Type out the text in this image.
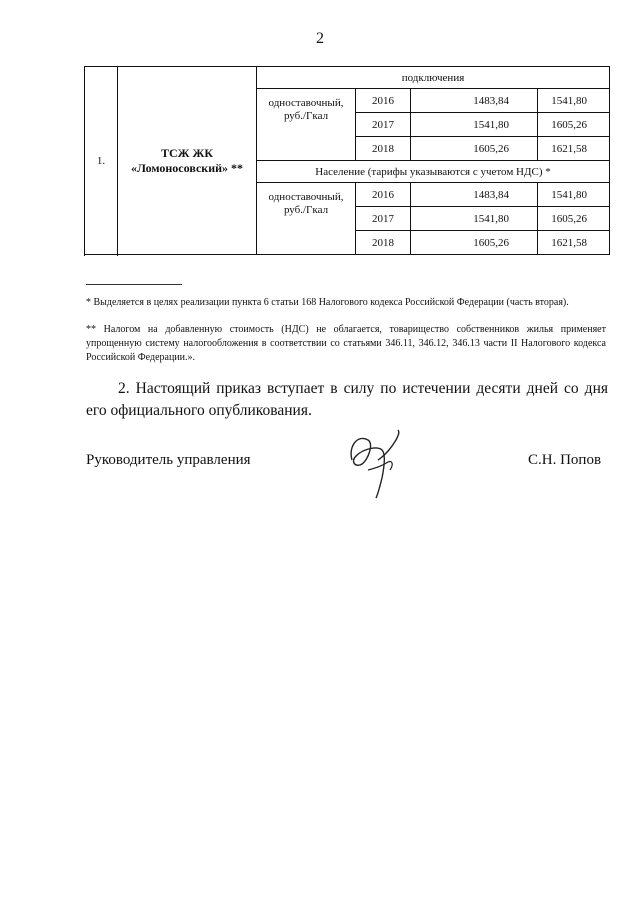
2
1.	ТСЖ ЖК
«Ломоносовский» **	подключения			
		одноставочный,
руб./Гкал	2016	1483,84	1541,80
			2017	1541,80	1605,26
			2018	1605,26	1621,58
		Население (тарифы указываются с учетом НДС) *			
		одноставочный,
руб./Гкал	2016	1483,84	1541,80
			2017	1541,80	1605,26
			2018	1605,26	1621,58

* Выделяется в целях реализации пункта 6 статьи 168 Налогового кодекса Российской Федерации (часть вторая).
** Налогом на добавленную стоимость (НДС) не облагается, товарищество собственников жилья применяет упрощенную систему налогообложения в соответствии со статьями 346.11, 346.12, 346.13 части II Налогового кодекса Российской Федерации.».
2. Настоящий приказ вступает в силу по истечении десяти дней со дня его официального опубликования.
Руководитель управления	С.Н. Попов
